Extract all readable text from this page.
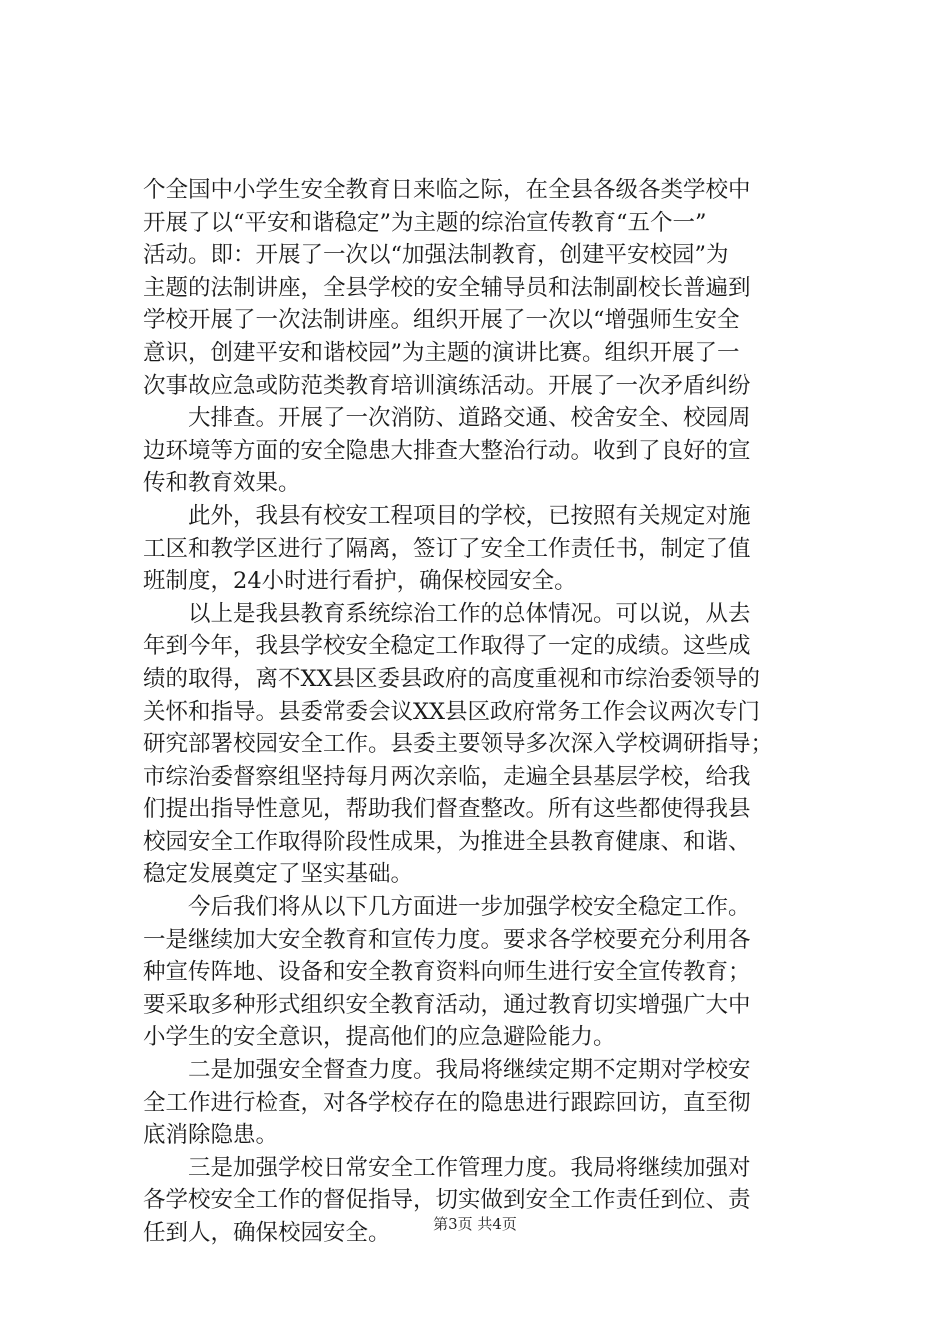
个全国中小学生安全教育日来临之际，在全县各级各类学校中
开展了以“平安和谐稳定”为主题的综治宣传教育“五个一”
活动。即：开展了一次以“加强法制教育，创建平安校园”为
主题的法制讲座，全县学校的安全辅导员和法制副校长普遍到
学校开展了一次法制讲座。组织开展了一次以“增强师生安全
意识，创建平安和谐校园”为主题的演讲比赛。组织开展了一
次事故应急或防范类教育培训演练活动。开展了一次矛盾纠纷
大排查。开展了一次消防、道路交通、校舍安全、校园周
边环境等方面的安全隐患大排查大整治行动。收到了良好的宣
传和教育效果。
此外，我县有校安工程项目的学校，已按照有关规定对施
工区和教学区进行了隔离，签订了安全工作责任书，制定了值
班制度，24小时进行看护，确保校园安全。
以上是我县教育系统综治工作的总体情况。可以说，从去
年到今年，我县学校安全稳定工作取得了一定的成绩。这些成
绩的取得，离不XX县区委县政府的高度重视和市综治委领导的
关怀和指导。县委常委会议XX县区政府常务工作会议两次专门
研究部署校园安全工作。县委主要领导多次深入学校调研指导；
市综治委督察组坚持每月两次亲临，走遍全县基层学校，给我
们提出指导性意见，帮助我们督查整改。所有这些都使得我县
校园安全工作取得阶段性成果，为推进全县教育健康、和谐、
稳定发展奠定了坚实基础。
今后我们将从以下几方面进一步加强学校安全稳定工作。
一是继续加大安全教育和宣传力度。要求各学校要充分利用各
种宣传阵地、设备和安全教育资料向师生进行安全宣传教育；
要采取多种形式组织安全教育活动，通过教育切实增强广大中
小学生的安全意识，提高他们的应急避险能力。
二是加强安全督查力度。我局将继续定期不定期对学校安
全工作进行检查，对各学校存在的隐患进行跟踪回访，直至彻
底消除隐患。
三是加强学校日常安全工作管理力度。我局将继续加强对
各学校安全工作的督促指导，切实做到安全工作责任到位、责
任到人，确保校园安全。	第3页 共4页
